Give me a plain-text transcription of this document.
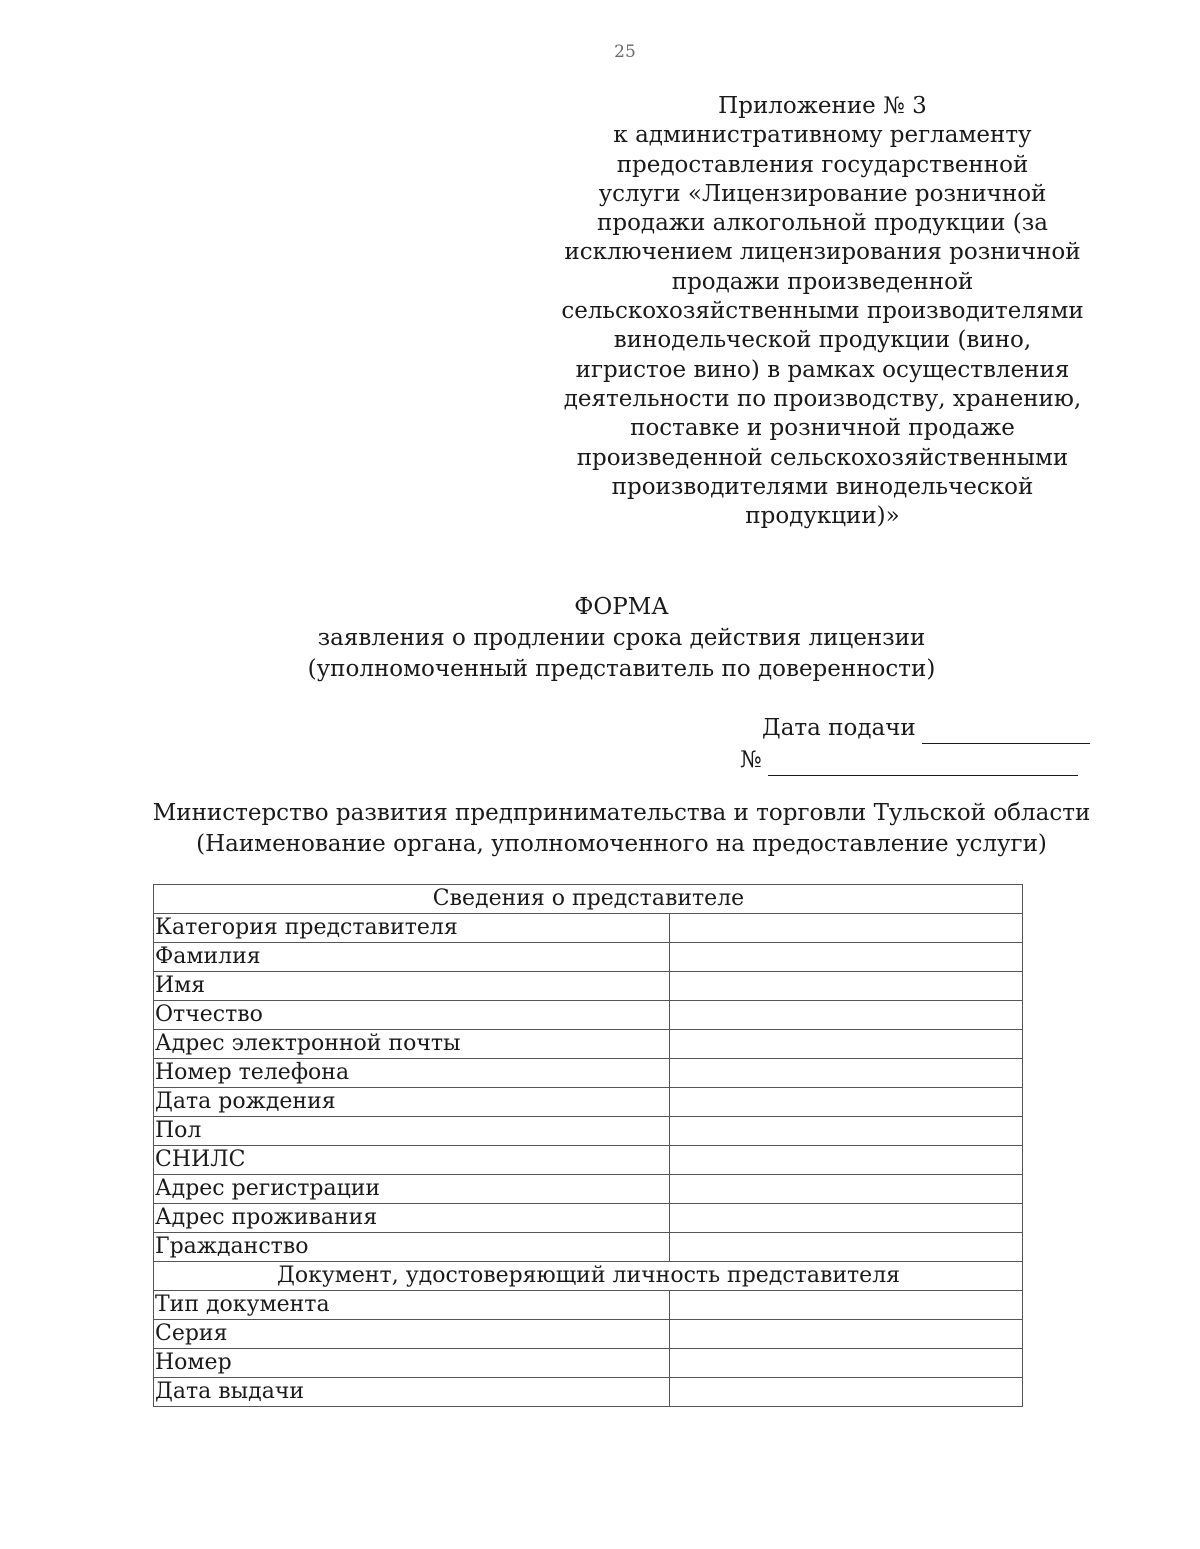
25
Приложение № 3
к административному регламенту
предоставления государственной
услуги «Лицензирование розничной
продажи алкогольной продукции (за
исключением лицензирования розничной
продажи произведенной
сельскохозяйственными производителями
винодельческой продукции (вино,
игристое вино) в рамках осуществления
деятельности по производству, хранению,
поставке и розничной продаже
произведенной сельскохозяйственными
производителями винодельческой
продукции)»
ФОРМА
заявления о продлении срока действия лицензии
(уполномоченный представитель по доверенности)
Дата подачи
№
Министерство развития предпринимательства и торговли Тульской области
(Наименование органа, уполномоченного на предоставление услуги)
Сведения о представителе	
Категория представителя	
Фамилия	
Имя	
Отчество	
Адрес электронной почты	
Номер телефона	
Дата рождения	
Пол	
СНИЛС	
Адрес регистрации	
Адрес проживания	
Гражданство	
Документ, удостоверяющий личность представителя	
Тип документа	
Серия	
Номер	
Дата выдачи	
